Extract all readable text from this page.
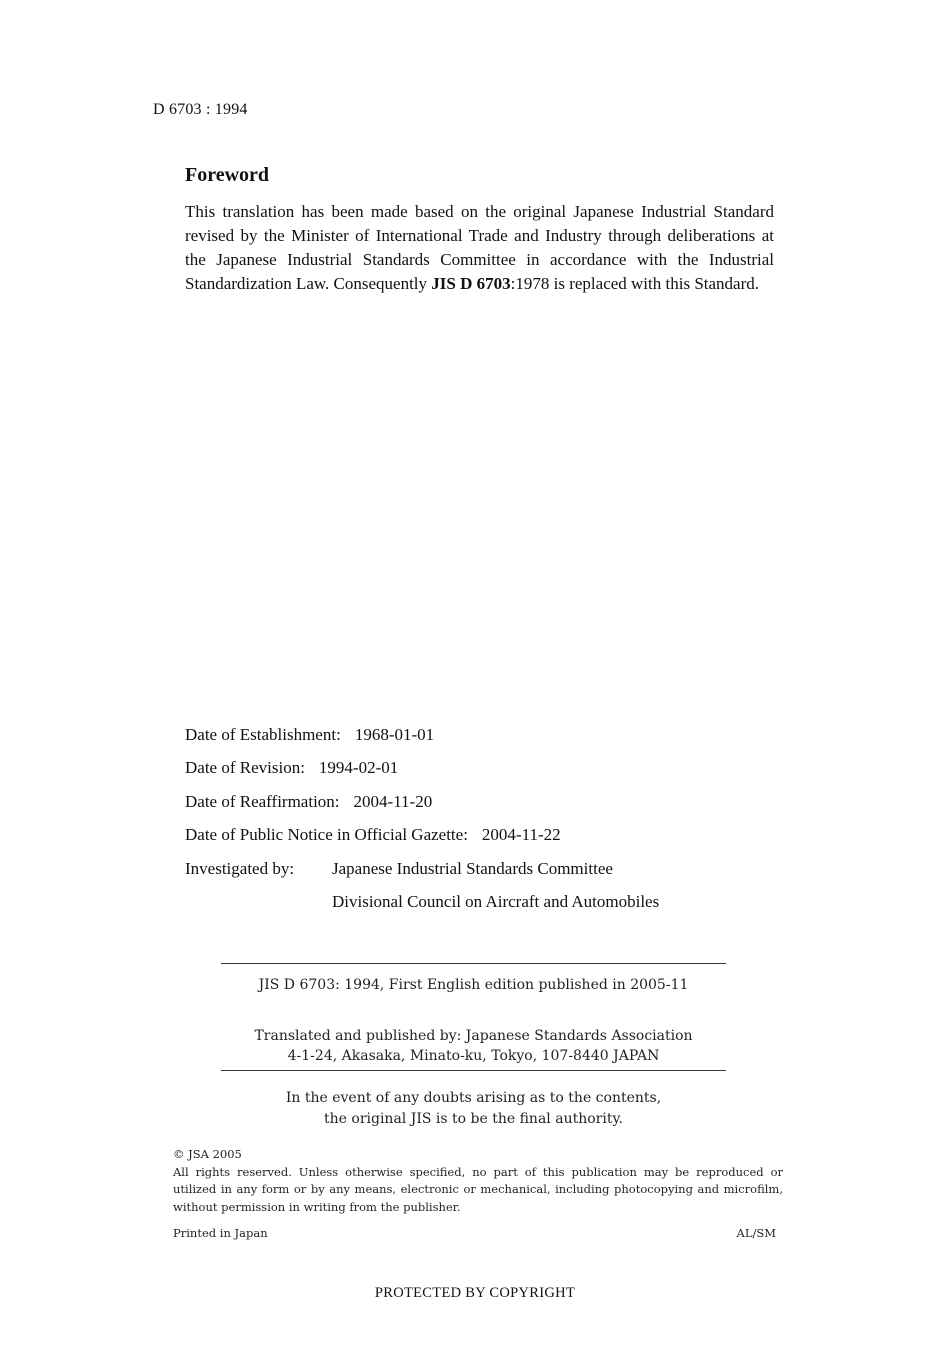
D 6703 : 1994
Foreword
This translation has been made based on the original Japanese Industrial Standard revised by the Minister of International Trade and Industry through deliberations at the Japanese Industrial Standards Committee in accordance with the Industrial Standardization Law. Consequently JIS D 6703:1978 is replaced with this Standard.
Date of Establishment: 1968-01-01
Date of Revision: 1994-02-01
Date of Reaffirmation: 2004-11-20
Date of Public Notice in Official Gazette: 2004-11-22
Investigated by:	Japanese Industrial Standards Committee
Divisional Council on Aircraft and Automobiles
JIS D 6703: 1994, First English edition published in 2005-11
Translated and published by: Japanese Standards Association
4-1-24, Akasaka, Minato-ku, Tokyo, 107-8440 JAPAN
In the event of any doubts arising as to the contents,
the original JIS is to be the final authority.
© JSA 2005
All rights reserved. Unless otherwise specified, no part of this publication may be reproduced or utilized in any form or by any means, electronic or mechanical, including photocopying and microfilm, without permission in writing from the publisher.
Printed in Japan	AL/SM
PROTECTED BY COPYRIGHT
